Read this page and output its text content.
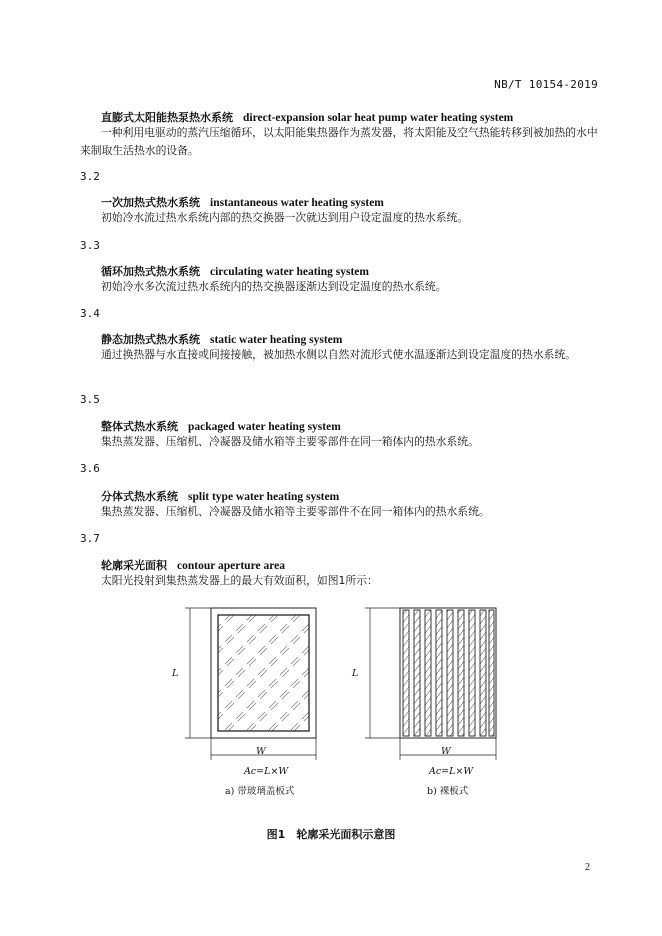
NB/T 10154-2019
直膨式太阳能热泵热水系统 direct-expansion solar heat pump water heating system
一种利用电驱动的蒸汽压缩循环，以太阳能集热器作为蒸发器，将太阳能及空气热能转移到被加热的水中来制取生活热水的设备。
3.2
一次加热式热水系统 instantaneous water heating system
初始冷水流过热水系统内部的热交换器一次就达到用户设定温度的热水系统。
3.3
循环加热式热水系统 circulating water heating system
初始冷水多次流过热水系统内的热交换器逐渐达到设定温度的热水系统。
3.4
静态加热式热水系统 static water heating system
通过换热器与水直接或间接接触，被加热水侧以自然对流形式使水温逐渐达到设定温度的热水系统。
3.5
整体式热水系统 packaged water heating system
集热蒸发器、压缩机、冷凝器及储水箱等主要零部件在同一箱体内的热水系统。
3.6
分体式热水系统 split type water heating system
集热蒸发器、压缩机、冷凝器及储水箱等主要零部件不在同一箱体内的热水系统。
3.7
轮廓采光面积 contour aperture area
太阳光投射到集热蒸发器上的最大有效面积，如图1所示：
L
W
Ac=L×W
a) 带玻璃盖板式
L
W
Ac=L×W
b) 裸板式
图1　轮廓采光面积示意图
2
